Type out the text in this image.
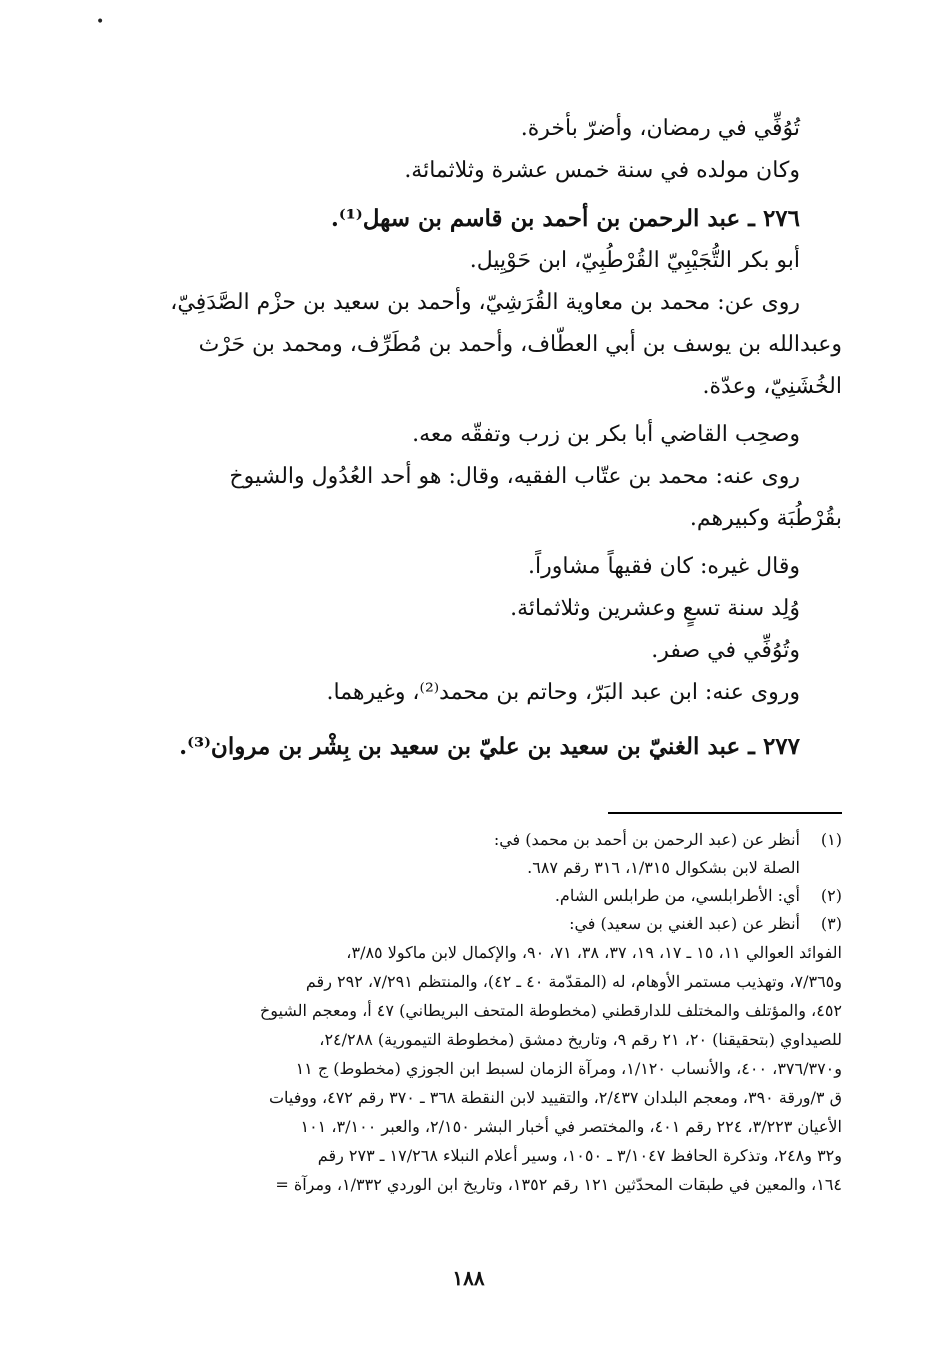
•
تُوُفِّي في رمضان، وأضرّ بأخرة.
وكان مولده في سنة خمس عشرة وثلاثمائة.
٢٧٦ ـ عبد الرحمن بن أحمد بن قاسم بن سهل⁽¹⁾.
أبو بكر التُّجَيْبِيّ القُرْطُبِيّ، ابن حَوْيِيل.
روى عن: محمد بن معاوية القُرَشِيّ، وأحمد بن سعيد بن حزْم الصَّدَفِيّ،
وعبدالله بن يوسف بن أبي العطّاف، وأحمد بن مُطَرِّف، ومحمد بن حَرْث
الخُشَنِيّ، وعدّة.
وصحِب القاضي أبا بكر بن زرب وتفقّه معه.
روى عنه: محمد بن عتّاب الفقيه، وقال: هو أحد العُدُول والشيوخ
بقُرْطُبَة وكبيرهم.
وقال غيره: كان فقيهاً مشاوراً.
وُلِد سنة تسعٍ وعشرين وثلاثمائة.
وتُوُفِّي في صفر.
وروى عنه: ابن عبد البَرّ، وحاتم بن محمد⁽²⁾، وغيرهما.
٢٧٧ ـ عبد الغنيّ بن سعيد بن عليّ بن سعيد بن بِشْر بن مروان⁽³⁾.
(١)أنظر عن (عبد الرحمن بن أحمد بن محمد) في:
الصلة لابن بشكوال ١/٣١٥، ٣١٦ رقم ٦٨٧.
(٢)أي: الأطرابلسي، من طرابلس الشام.
(٣)أنظر عن (عبد الغني بن سعيد) في:
الفوائد العوالي ١١، ١٥ ـ ١٧، ١٩، ٣٧، ٣٨، ٧١، ٩٠، والإكمال لابن ماكولا ٣/٨٥،
و٧/٣٦٥، وتهذيب مستمر الأوهام، له (المقدّمة ٤٠ ـ ٤٢)، والمنتظم ٧/٢٩١، ٢٩٢ رقم
٤٥٢، والمؤتلف والمختلف للدارقطني (مخطوطة المتحف البريطاني) ٤٧ أ، ومعجم الشيوخ
للصيداوي (بتحقيقنا) ٢٠، ٢١ رقم ٩، وتاريخ دمشق (مخطوطة التيمورية) ٢٤/٢٨٨،
و٣٧٦/٣٧٠، ٤٠٠، والأنساب ١/١٢٠، ومرآة الزمان لسبط ابن الجوزي (مخطوط) ج ١١
ق ٣/ورقة ٣٩٠، ومعجم البلدان ٢/٤٣٧، والتقييد لابن النقطة ٣٦٨ ـ ٣٧٠ رقم ٤٧٢، ووفيات
الأعيان ٣/٢٢٣، ٢٢٤ رقم ٤٠١، والمختصر في أخبار البشر ٢/١٥٠، والعبر ٣/١٠٠، ١٠١
و٣٢ و٢٤٨، وتذكرة الحافظ ٣/١٠٤٧ ـ ١٠٥٠، وسير أعلام النبلاء ١٧/٢٦٨ ـ ٢٧٣ رقم
١٦٤، والمعين في طبقات المحدّثين ١٢١ رقم ١٣٥٢، وتاريخ ابن الوردي ١/٣٣٢، ومرآة =
١٨٨
